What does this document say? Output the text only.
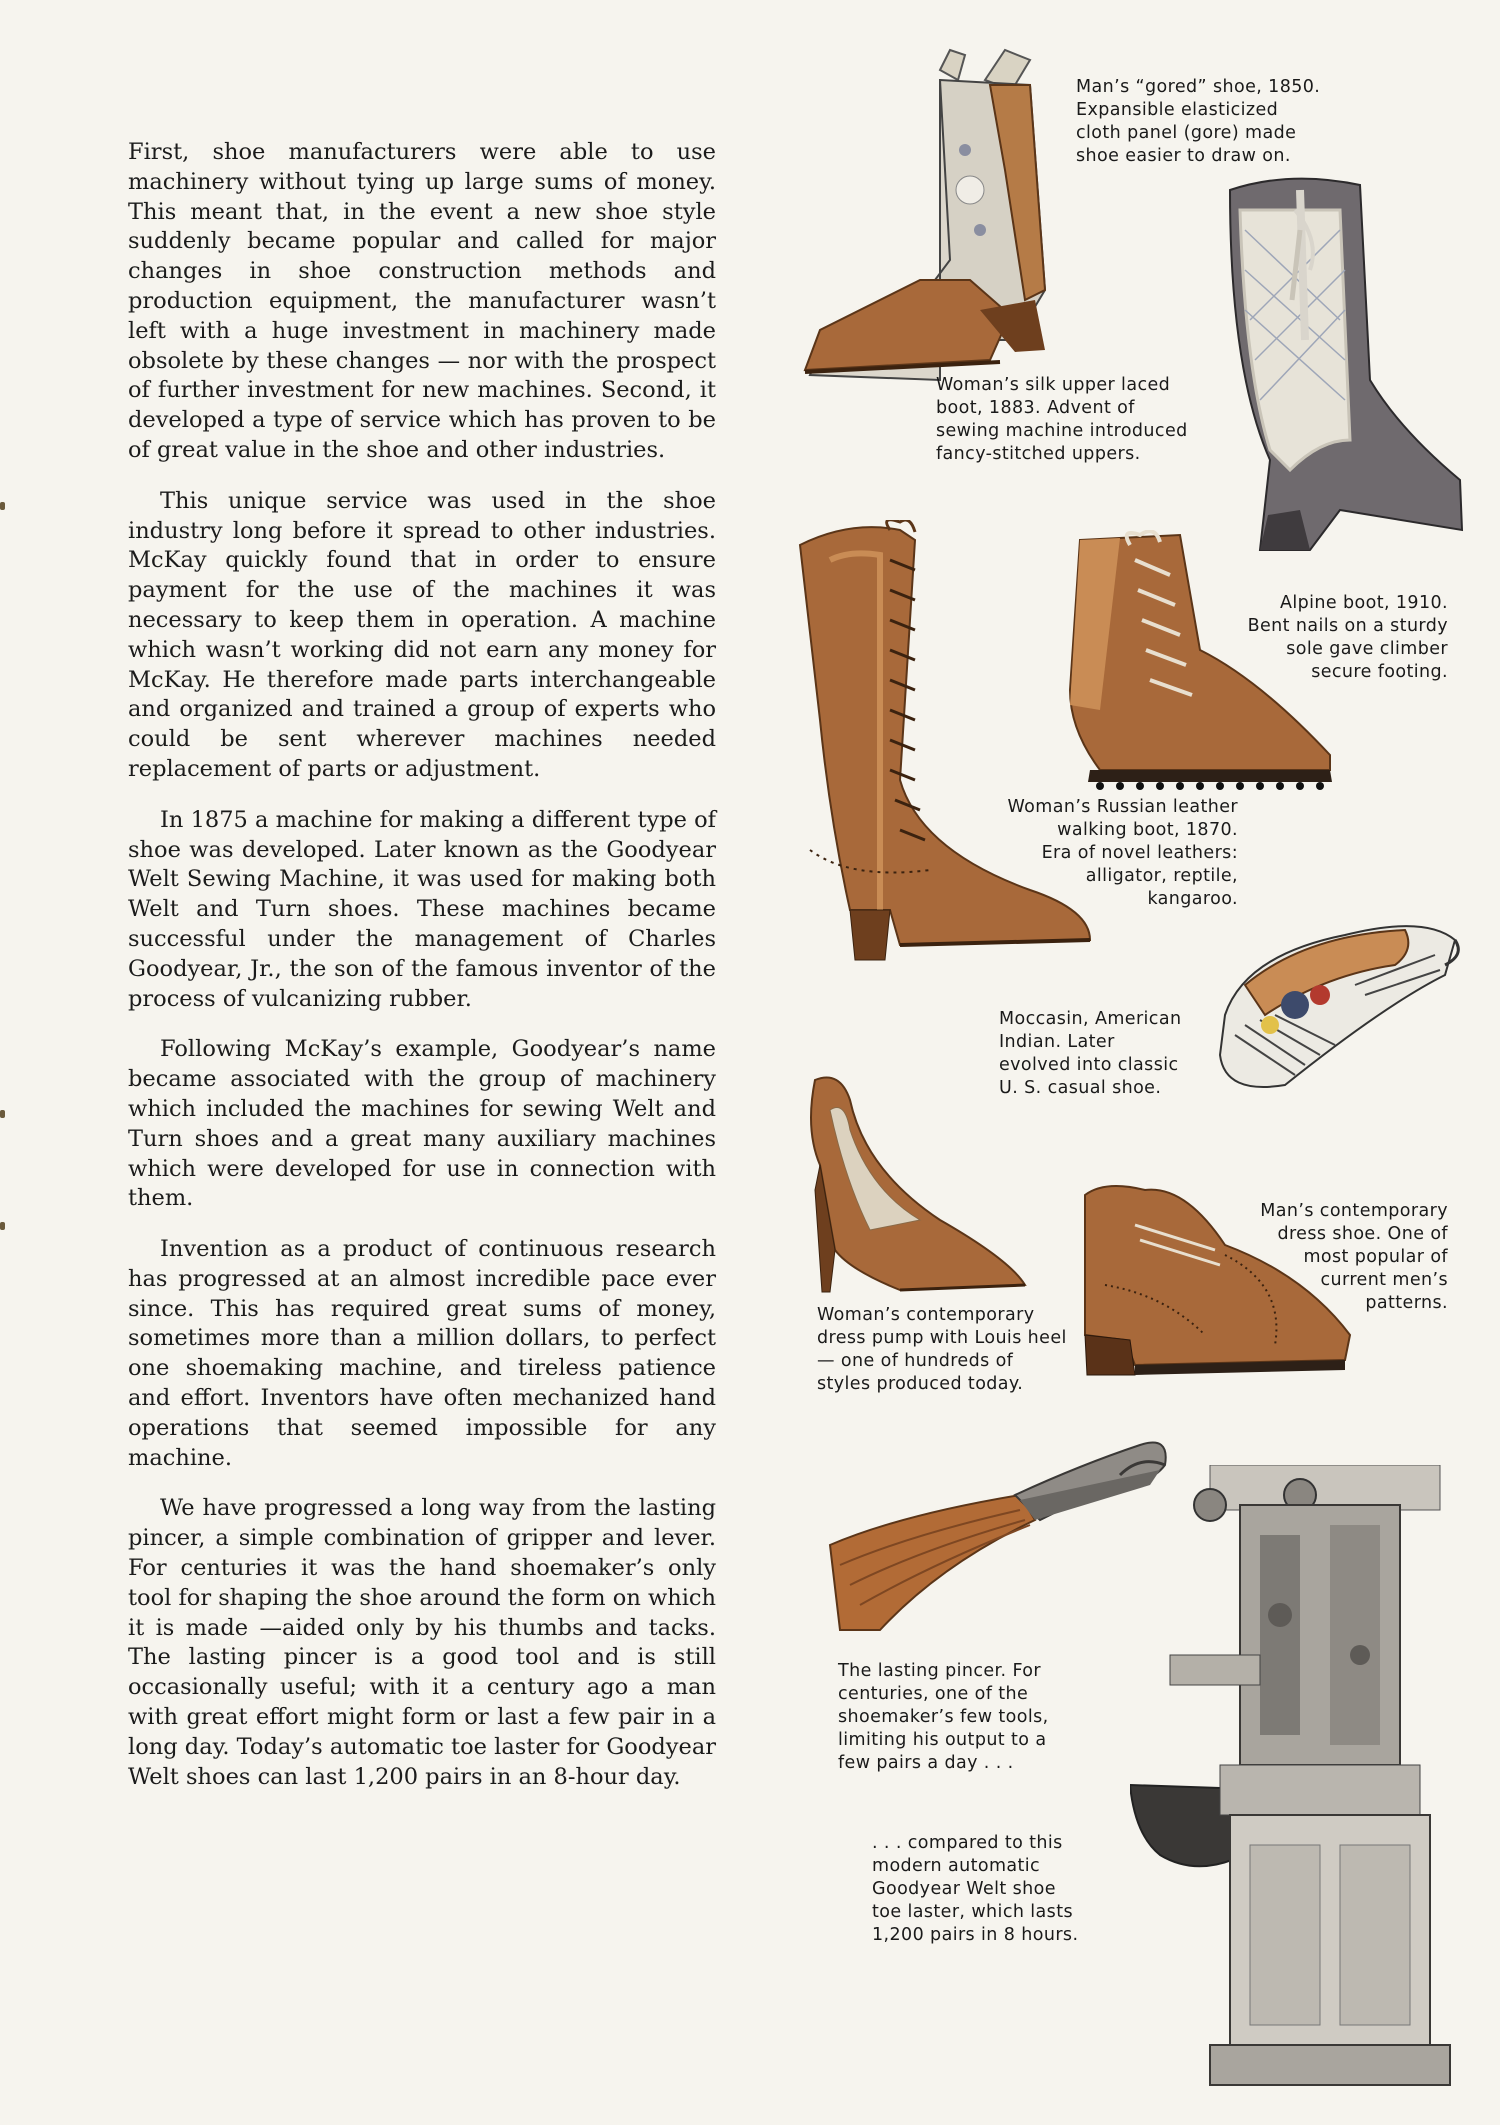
First, shoe manufacturers were able to use machinery without tying up large sums of money. This meant that, in the event a new shoe style suddenly became popular and called for major changes in shoe construction methods and production equipment, the manufacturer wasn’t left with a huge investment in machinery made obsolete by these changes — nor with the prospect of further investment for new machines. Second, it developed a type of service which has proven to be of great value in the shoe and other industries.

This unique service was used in the shoe industry long before it spread to other industries. McKay quickly found that in order to ensure payment for the use of the machines it was necessary to keep them in operation. A machine which wasn’t working did not earn any money for McKay. He therefore made parts interchangeable and organized and trained a group of experts who could be sent wherever machines needed replacement of parts or adjustment.

In 1875 a machine for making a different type of shoe was developed. Later known as the Goodyear Welt Sewing Machine, it was used for making both Welt and Turn shoes. These machines became successful under the management of Charles Goodyear, Jr., the son of the famous inventor of the process of vulcanizing rubber.

Following McKay’s example, Goodyear’s name became associated with the group of machinery which included the machines for sewing Welt and Turn shoes and a great many auxiliary machines which were developed for use in connection with them.

Invention as a product of continuous research has progressed at an almost incredible pace ever since. This has required great sums of money, sometimes more than a million dollars, to perfect one shoemaking machine, and tireless patience and effort. Inventors have often mechanized hand operations that seemed impossible for any machine.

We have progressed a long way from the lasting pincer, a simple combination of gripper and lever. For centuries it was the hand shoemaker’s only tool for shaping the shoe around the form on which it is made —aided only by his thumbs and tacks. The lasting pincer is a good tool and is still occasionally useful; with it a century ago a man with great effort might form or last a few pair in a long day. Today’s automatic toe laster for Goodyear Welt shoes can last 1,200 pairs in an 8-hour day.

Man’s “gored” shoe, 1850.
Expansible elasticized
cloth panel (gore) made
shoe easier to draw on.
Woman’s silk upper laced
boot, 1883. Advent of
sewing machine introduced
fancy-stitched uppers.
Woman’s Russian leather
walking boot, 1870.
Era of novel leathers:
alligator, reptile,
kangaroo.
Alpine boot, 1910.
Bent nails on a sturdy
sole gave climber
secure footing.
Moccasin, American
Indian. Later
evolved into classic
U. S. casual shoe.
Woman’s contemporary
dress pump with Louis heel
— one of hundreds of
styles produced today.
Man’s contemporary
dress shoe. One of
most popular of
current men’s
patterns.
The lasting pincer. For
centuries, one of the
shoemaker’s few tools,
limiting his output to a
few pairs a day . . .
. . . compared to this
modern automatic
Goodyear Welt shoe
toe laster, which lasts
1,200 pairs in 8 hours.
